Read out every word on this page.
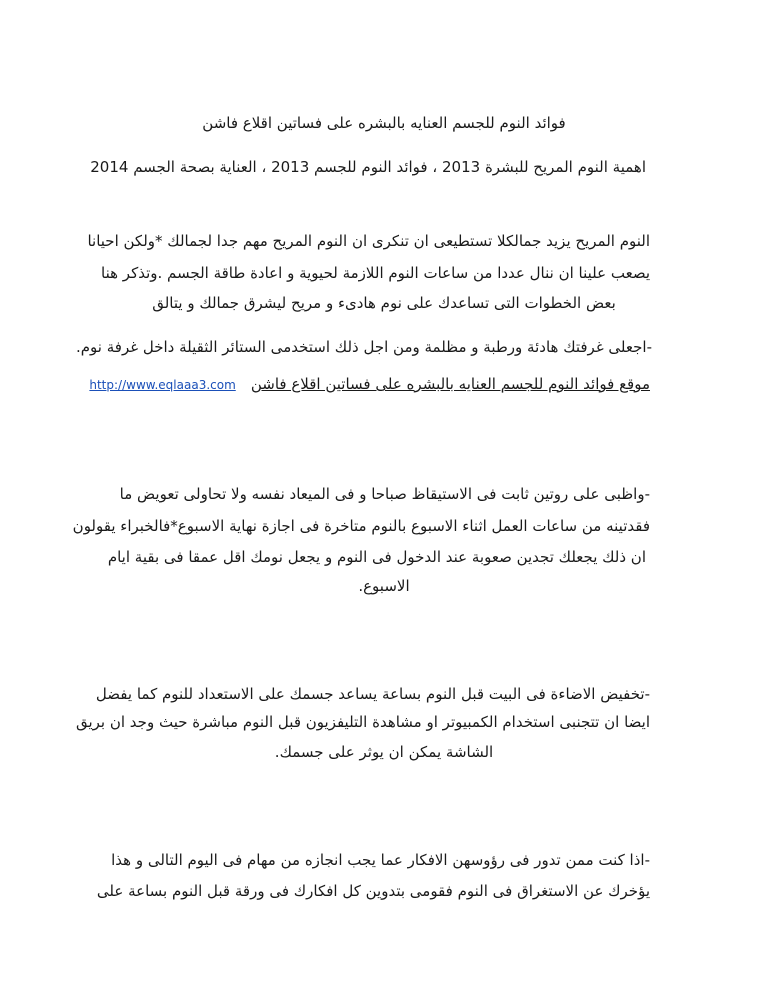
فوائد النوم للجسم العنايه بالبشره على فساتين اقلاع فاشن
اهمية النوم المريح للبشرة 2013 ، فوائد النوم للجسم 2013 ، العناية بصحة الجسم 2014
النوم المريح يزيد جمالكلا تستطيعى ان تنكرى ان النوم المريح مهم جدا لجمالك *ولكن احيانا
يصعب علينا ان ننال عددا من ساعات النوم اللازمة لحيوية و اعادة طاقة الجسم .وتذكر هنا
بعض الخطوات التى تساعدك على نوم هادىء و مريح ليشرق جمالك و يتالق
-اجعلى غرفتك هادئة ورطبة و مظلمة ومن اجل ذلك استخدمى الستائر الثقيلة داخل غرفة نوم.
موقع فوائد النوم للجسم العنايه بالبشره على فساتين اقلاع فاشن http://www.eqlaaa3.com
-واظبى على روتين ثابت فى الاستيقاظ صباحا و فى الميعاد نفسه ولا تحاولى تعويض ما
فقدتينه من ساعات العمل اثناء الاسبوع بالنوم متاخرة فى اجازة نهاية الاسبوع*فالخبراء يقولون
ان ذلك يجعلك تجدين صعوبة عند الدخول فى النوم و يجعل نومك اقل عمقا فى بقية ايام
الاسبوع.
-تخفيض الاضاءة فى البيت قبل النوم بساعة يساعد جسمك على الاستعداد للنوم كما يفضل
ايضا ان تتجنبى استخدام الكمبيوتر او مشاهدة التليفزيون قبل النوم مباشرة حيث وجد ان بريق
الشاشة يمكن ان يوثر على جسمك.
-اذا كنت ممن تدور فى رؤوسهن الافكار عما يجب انجازه من مهام فى اليوم التالى و هذا
يؤخرك عن الاستغراق فى النوم فقومى بتدوين كل افكارك فى ورقة قبل النوم بساعة على
